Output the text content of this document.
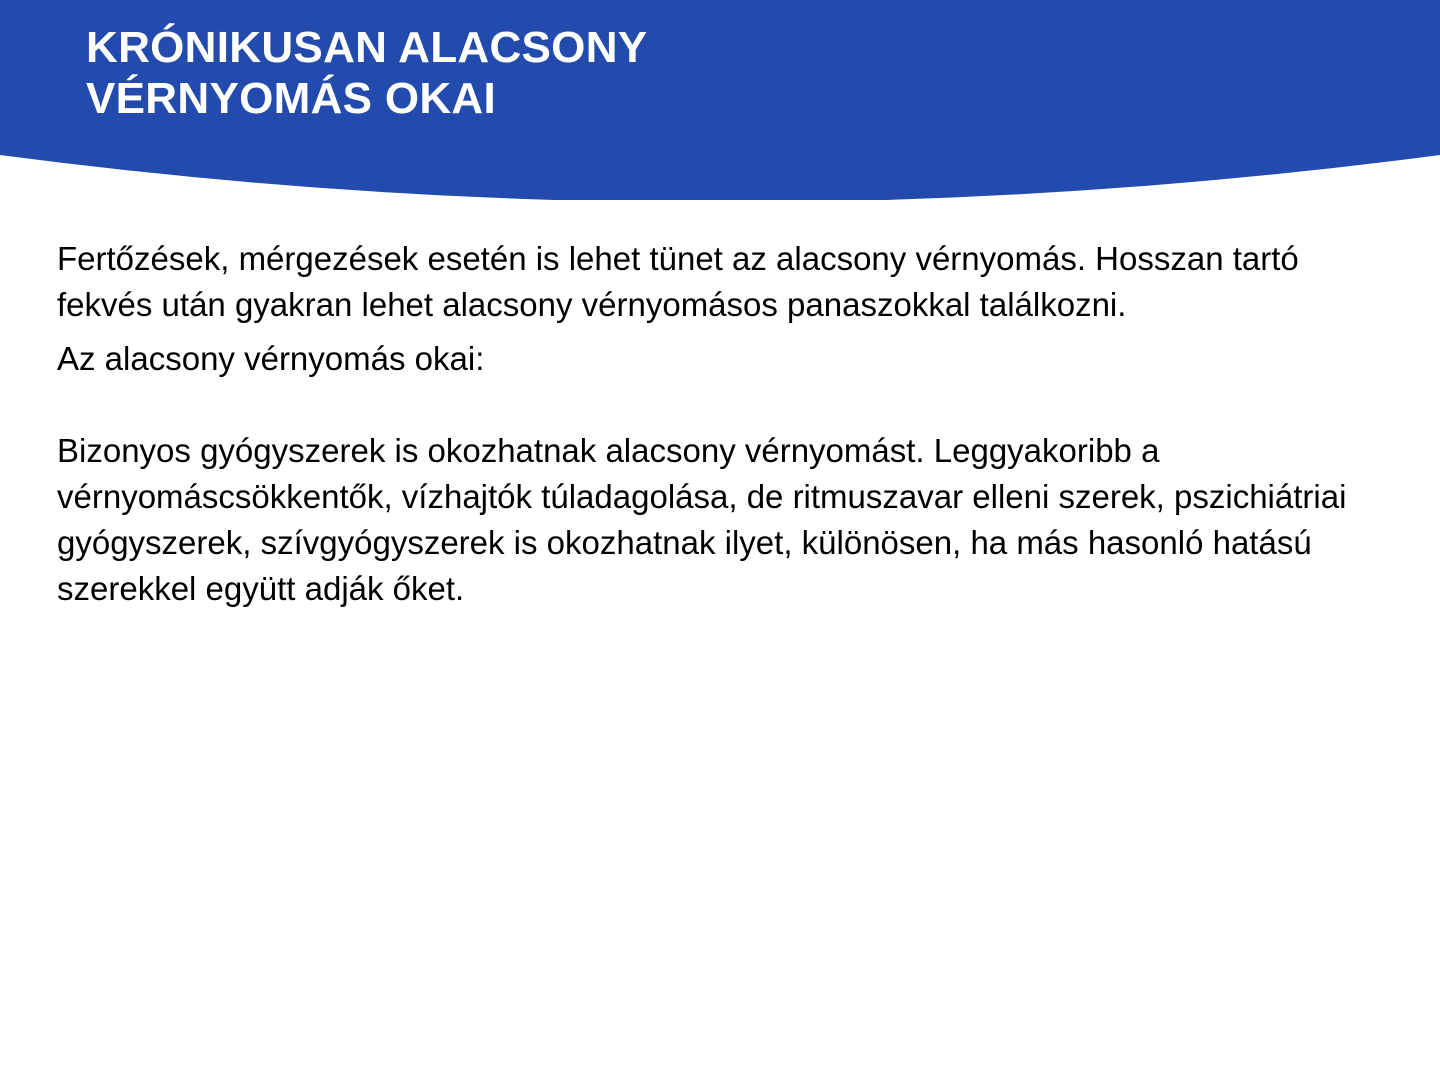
KRÓNIKUSAN ALACSONY
VÉRNYOMÁS OKAI

Fertőzések, mérgezések esetén is lehet tünet az alacsony vérnyomás. Hosszan tartó fekvés után gyakran lehet alacsony vérnyomásos panaszokkal találkozni.

Az alacsony vérnyomás okai:

Bizonyos gyógyszerek is okozhatnak alacsony vérnyomást. Leggyakoribb a vérnyomáscsökkentők, vízhajtók túladagolása, de ritmuszavar elleni szerek, pszichiátriai gyógyszerek, szívgyógyszerek is okozhatnak ilyet, különösen, ha más hasonló hatású szerekkel együtt adják őket.
